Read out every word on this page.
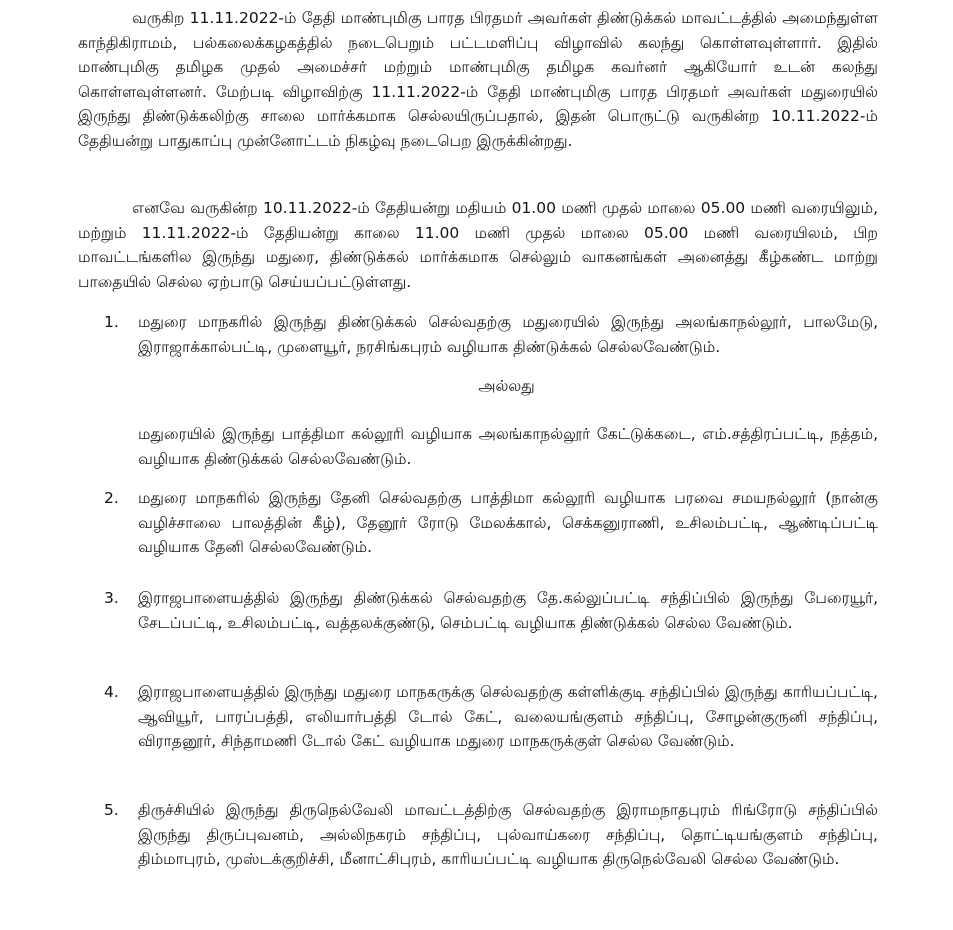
வருகிற 11.11.2022-ம் தேதி மாண்புமிகு பாரத பிரதமர் அவர்கள் திண்டுக்கல் மாவட்டத்தில் அமைந்துள்ள காந்திகிராமம், பல்கலைக்கழகத்தில் நடைபெறும் பட்டமளிப்பு விழாவில் கலந்து கொள்ளவுள்ளார். இதில் மாண்புமிகு தமிழக முதல் அமைச்சர் மற்றும் மாண்புமிகு தமிழக கவர்னர் ஆகியோர் உடன் கலந்து கொள்ளவுள்ளனர். மேற்படி விழாவிற்கு 11.11.2022-ம் தேதி மாண்புமிகு பாரத பிரதமர் அவர்கள் மதுரையில் இருந்து திண்டுக்கலிற்கு சாலை மார்க்கமாக செல்லயிருப்பதால், இதன் பொருட்டு வருகின்ற 10.11.2022-ம் தேதியன்று பாதுகாப்பு முன்னோட்டம் நிகழ்வு நடைபெற இருக்கின்றது.

எனவே வருகின்ற 10.11.2022-ம் தேதியன்று மதியம் 01.00 மணி முதல் மாலை 05.00 மணி வரையிலும், மற்றும் 11.11.2022-ம் தேதியன்று காலை 11.00 மணி முதல் மாலை 05.00 மணி வரையிலம், பிற மாவட்டங்களில இருந்து மதுரை, திண்டுக்கல் மார்க்கமாக செல்லும் வாகனங்கள் அனைத்து கீழ்கண்ட மாற்று பாதையில் செல்ல ஏற்பாடு செய்யப்பட்டுள்ளது.

1. மதுரை மாநகரில் இருந்து திண்டுக்கல் செல்வதற்கு மதுரையில் இருந்து அலங்காநல்லூர், பாலமேடு, இராஜாக்கால்பட்டி, முளையூர், நரசிங்கபுரம் வழியாக திண்டுக்கல் செல்லவேண்டும்.

அல்லது

மதுரையில் இருந்து பாத்திமா கல்லூரி வழியாக அலங்காநல்லூர் கேட்டுக்கடை, எம்.சத்திரப்பட்டி, நத்தம், வழியாக திண்டுக்கல் செல்லவேண்டும்.

2. மதுரை மாநகரில் இருந்து தேனி செல்வதற்கு பாத்திமா கல்லூரி வழியாக பரவை சமயநல்லூர் (நான்கு வழிச்சாலை பாலத்தின் கீழ்), தேனூர் ரோடு மேலக்கால், செக்கனுராணி, உசிலம்பட்டி, ஆண்டிப்பட்டி வழியாக தேனி செல்லவேண்டும்.

3. இராஜபாளையத்தில் இருந்து திண்டுக்கல் செல்வதற்கு தே.கல்லுப்பட்டி சந்திப்பில் இருந்து பேரையூர், சேடப்பட்டி, உசிலம்பட்டி, வத்தலக்குண்டு, செம்பட்டி வழியாக திண்டுக்கல் செல்ல வேண்டும்.

4. இராஜபாளையத்தில் இருந்து மதுரை மாநகருக்கு செல்வதற்கு கள்ளிக்குடி சந்திப்பில் இருந்து காரியப்பட்டி, ஆவியூர், பாரப்பத்தி, எலியார்பத்தி டோல் கேட், வலையங்குளம் சந்திப்பு, சோழன்குருனி சந்திப்பு, விராதனூர், சிந்தாமணி டோல் கேட் வழியாக மதுரை மாநகருக்குள் செல்ல வேண்டும்.

5. திருச்சியில் இருந்து திருநெல்வேலி மாவட்டத்திற்கு செல்வதற்கு இராமநாதபுரம் ரிங்ரோடு சந்திப்பில் இருந்து திருப்புவனம், அல்லிநகரம் சந்திப்பு, புல்வாய்கரை சந்திப்பு, தொட்டியங்குளம் சந்திப்பு, திம்மாபுரம், முஸ்டக்குறிச்சி, மீனாட்சிபுரம், காரியப்பட்டி வழியாக திருநெல்வேலி செல்ல வேண்டும்.
